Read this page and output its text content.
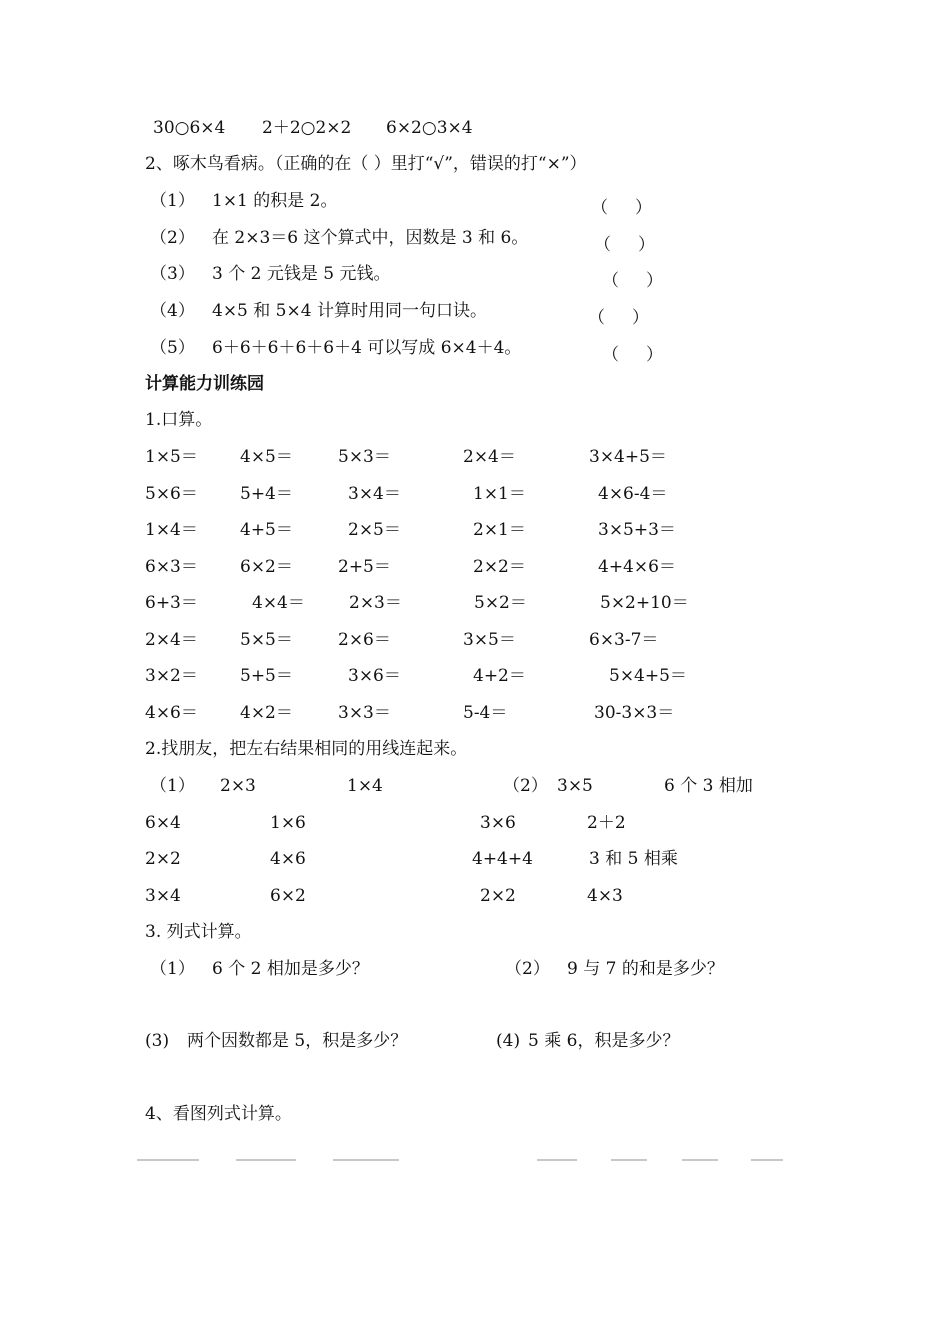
30○6×4 2＋2○2×2 6×2○3×4
2、啄木鸟看病。（正确的在（ ）里打“√”，错误的打“×”）
（1） 1×1 的积是 2。	（     ）
（2） 在 2×3＝6 这个算式中，因数是 3 和 6。	（     ）
（3） 3 个 2 元钱是 5 元钱。	（     ）
（4） 4×5 和 5×4 计算时用同一句口诀。	（     ）
（5） 6＋6＋6＋6＋6＋4 可以写成 6×4＋4。	（     ）
计算能力训练园
1.口算。
1×5＝ 4×5＝	5×3＝	2×4＝	3×4+5＝
5×6＝ 5+4＝	3×4＝	1×1＝	4×6-4＝
1×4＝ 4+5＝	2×5＝	2×1＝	3×5+3＝
6×3＝ 6×2＝	2+5＝	2×2＝	4+4×6＝
6+3＝	4×4＝	2×3＝	5×2＝	5×2+10＝
2×4＝ 5×5＝	2×6＝	3×5＝	6×3-7＝
3×2＝ 5+5＝	3×6＝	4+2＝	5×4+5＝
4×6＝ 4×2＝	3×3＝	5-4＝	30-3×3＝
2.找朋友，把左右结果相同的用线连起来。
（1） 2×3	1×4	（2） 3×5	6 个 3 相加
6×4	1×6	3×6	2＋2
2×2	4×6	4+4+4	3 和 5 相乘
3×4	6×2	2×2	4×3
3. 列式计算。
（1） 6 个 2 相加是多少？	（2） 9 与 7 的和是多少？
(3) 两个因数都是 5，积是多少？	(4) 5 乘 6，积是多少？
4、看图列式计算。
